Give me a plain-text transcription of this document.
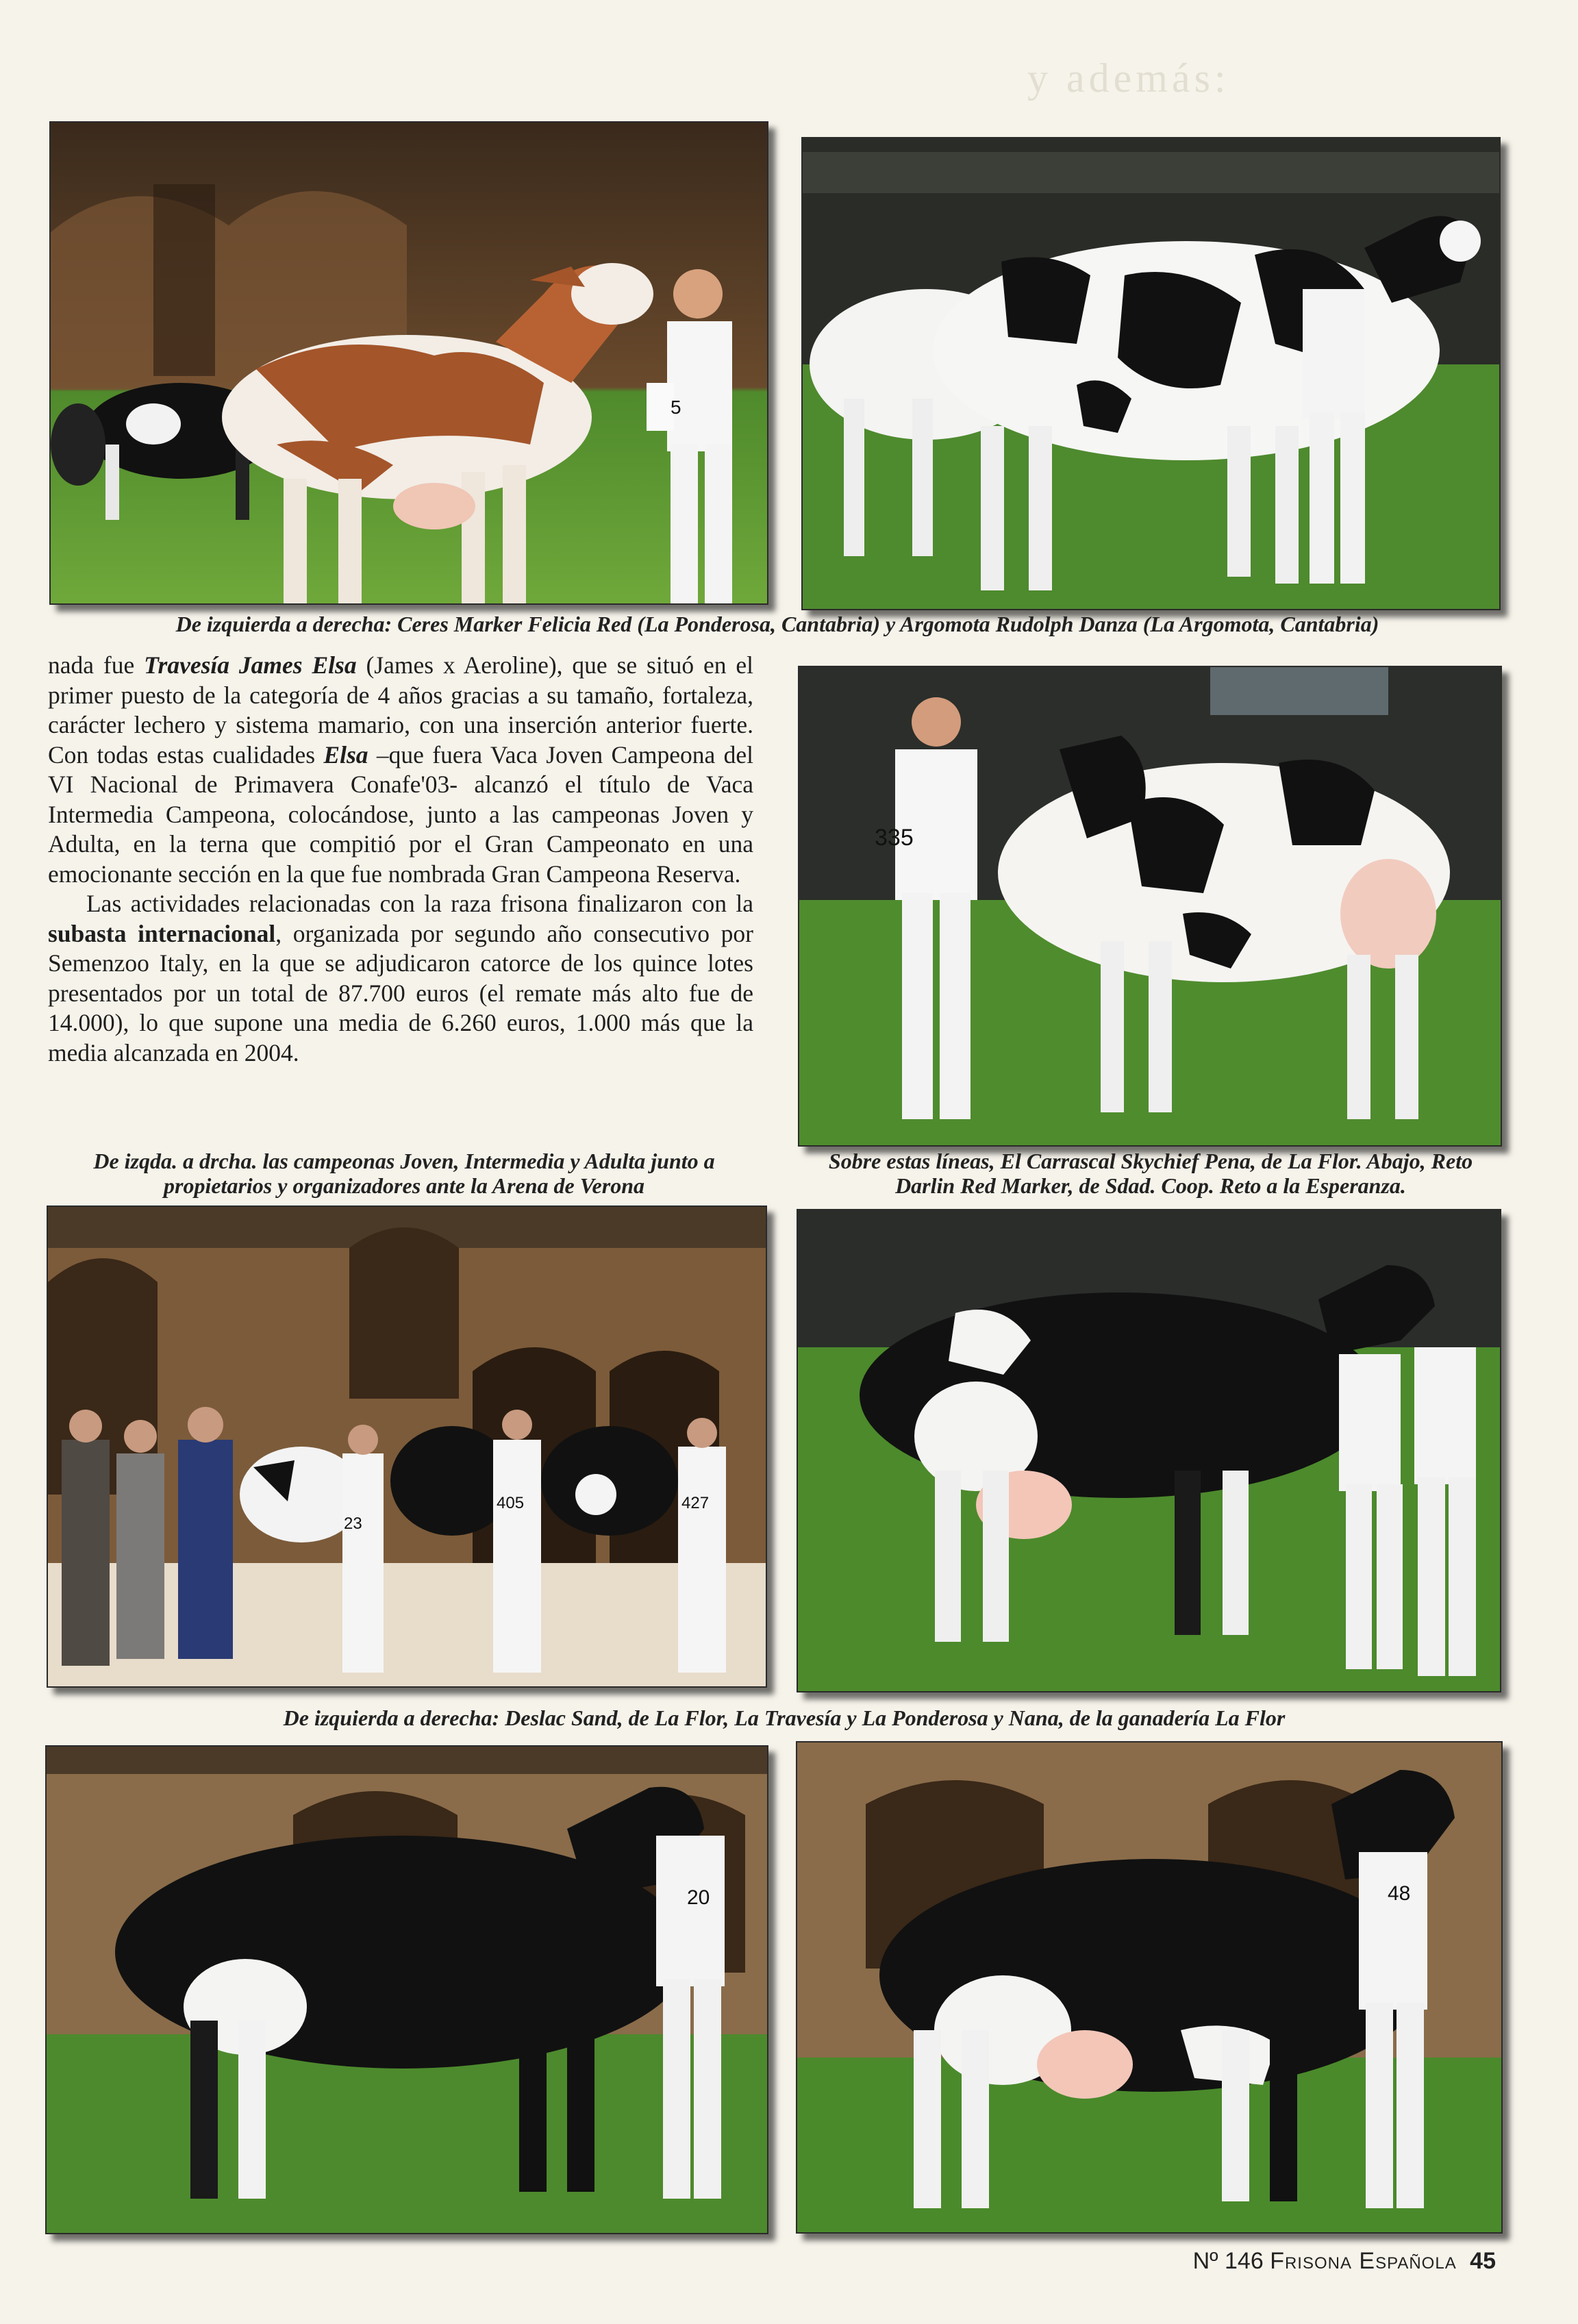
y además:
5
De izquierda a derecha: Ceres Marker Felicia Red (La Ponderosa, Cantabria) y Argomota Rudolph Danza (La Argomota, Cantabria)

nada fue Travesía James Elsa (James x Aeroline), que se situó en el primer puesto de la categoría de 4 años gracias a su tamaño, fortaleza, carácter lechero y sistema mamario, con una inserción anterior fuerte. Con todas estas cualidades Elsa –que fuera Vaca Joven Campeona del VI Nacional de Primavera Conafe'03- alcanzó el título de Vaca Intermedia Campeona, colocándose, junto a las campeonas Joven y Adulta, en la terna que compitió por el Gran Campeonato en una emocionante sección en la que fue nombrada Gran Campeona Reserva.

Las actividades relacionadas con la raza frisona finalizaron con la subasta internacional, organizada por segundo año consecutivo por Semenzoo Italy, en la que se adjudicaron catorce de los quince lotes presentados por un total de 87.700 euros (el remate más alto fue de 14.000), lo que supone una media de 6.260 euros, 1.000 más que la media alcanzada en 2004.

335
De izqda. a drcha. las campeonas Joven, Intermedia y Adulta junto a propietarios y organizadores ante la Arena de Verona
Sobre estas líneas, El Carrascal Skychief Pena, de La Flor. Abajo, Reto Darlin Red Marker, de Sdad. Coop. Reto a la Esperanza.
23
405	427
De izquierda a derecha: Deslac Sand, de La Flor, La Travesía y La Ponderosa y Nana, de la ganadería La Flor
20	48
Nº 146 Frisona Española 45
